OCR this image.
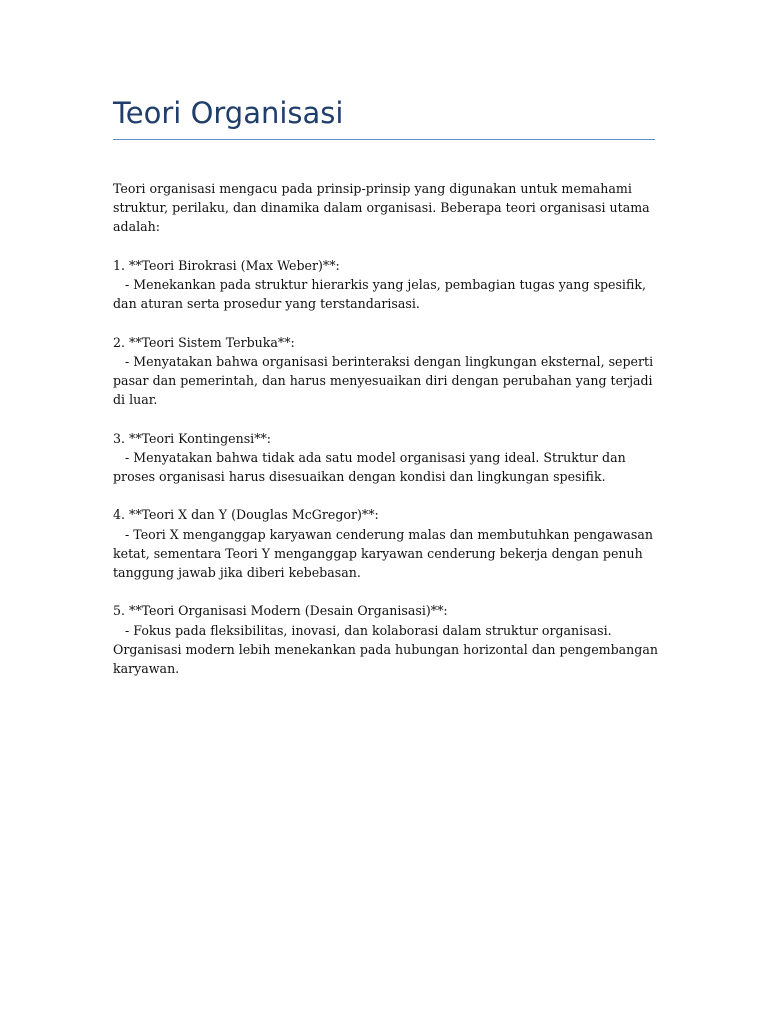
Teori Organisasi

Teori organisasi mengacu pada prinsip-prinsip yang digunakan untuk memahami struktur, perilaku, dan dinamika dalam organisasi. Beberapa teori organisasi utama adalah:

1. **Teori Birokrasi (Max Weber)**:

- Menekankan pada struktur hierarkis yang jelas, pembagian tugas yang spesifik, dan aturan serta prosedur yang terstandarisasi.

2. **Teori Sistem Terbuka**:

- Menyatakan bahwa organisasi berinteraksi dengan lingkungan eksternal, seperti pasar dan pemerintah, dan harus menyesuaikan diri dengan perubahan yang terjadi di luar.

3. **Teori Kontingensi**:

- Menyatakan bahwa tidak ada satu model organisasi yang ideal. Struktur dan proses organisasi harus disesuaikan dengan kondisi dan lingkungan spesifik.

4. **Teori X dan Y (Douglas McGregor)**:

- Teori X menganggap karyawan cenderung malas dan membutuhkan pengawasan ketat, sementara Teori Y menganggap karyawan cenderung bekerja dengan penuh tanggung jawab jika diberi kebebasan.

5. **Teori Organisasi Modern (Desain Organisasi)**:

- Fokus pada fleksibilitas, inovasi, dan kolaborasi dalam struktur organisasi. Organisasi modern lebih menekankan pada hubungan horizontal dan pengembangan karyawan.
